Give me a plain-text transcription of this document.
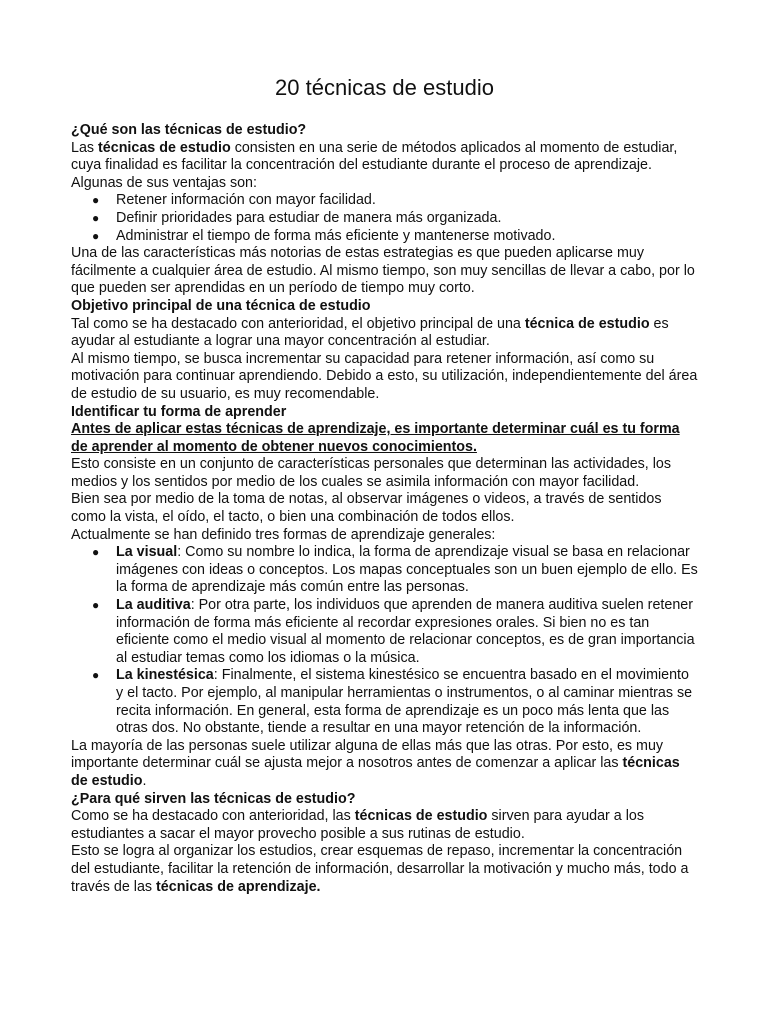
20 técnicas de estudio

¿Qué son las técnicas de estudio?

Las técnicas de estudio consisten en una serie de métodos aplicados al momento de estudiar, cuya finalidad es facilitar la concentración del estudiante durante el proceso de aprendizaje.

Algunas de sus ventajas son:

● Retener información con mayor facilidad.
● Definir prioridades para estudiar de manera más organizada.
● Administrar el tiempo de forma más eficiente y mantenerse motivado.

Una de las características más notorias de estas estrategias es que pueden aplicarse muy fácilmente a cualquier área de estudio. Al mismo tiempo, son muy sencillas de llevar a cabo, por lo que pueden ser aprendidas en un período de tiempo muy corto.

Objetivo principal de una técnica de estudio

Tal como se ha destacado con anterioridad, el objetivo principal de una técnica de estudio es ayudar al estudiante a lograr una mayor concentración al estudiar.

Al mismo tiempo, se busca incrementar su capacidad para retener información, así como su motivación para continuar aprendiendo. Debido a esto, su utilización, independientemente del área de estudio de su usuario, es muy recomendable.

Identificar tu forma de aprender

Antes de aplicar estas técnicas de aprendizaje, es importante determinar cuál es tu forma de aprender al momento de obtener nuevos conocimientos.

Esto consiste en un conjunto de características personales que determinan las actividades, los medios y los sentidos por medio de los cuales se asimila información con mayor facilidad.

Bien sea por medio de la toma de notas, al observar imágenes o videos, a través de sentidos como la vista, el oído, el tacto, o bien una combinación de todos ellos.

Actualmente se han definido tres formas de aprendizaje generales:

● La visual: Como su nombre lo indica, la forma de aprendizaje visual se basa en relacionar imágenes con ideas o conceptos. Los mapas conceptuales son un buen ejemplo de ello. Es la forma de aprendizaje más común entre las personas.
● La auditiva: Por otra parte, los individuos que aprenden de manera auditiva suelen retener información de forma más eficiente al recordar expresiones orales. Si bien no es tan eficiente como el medio visual al momento de relacionar conceptos, es de gran importancia al estudiar temas como los idiomas o la música.
● La kinestésica: Finalmente, el sistema kinestésico se encuentra basado en el movimiento y el tacto. Por ejemplo, al manipular herramientas o instrumentos, o al caminar mientras se recita información. En general, esta forma de aprendizaje es un poco más lenta que las otras dos. No obstante, tiende a resultar en una mayor retención de la información.

La mayoría de las personas suele utilizar alguna de ellas más que las otras. Por esto, es muy importante determinar cuál se ajusta mejor a nosotros antes de comenzar a aplicar las técnicas de estudio.

¿Para qué sirven las técnicas de estudio?

Como se ha destacado con anterioridad, las técnicas de estudio sirven para ayudar a los estudiantes a sacar el mayor provecho posible a sus rutinas de estudio.

Esto se logra al organizar los estudios, crear esquemas de repaso, incrementar la concentración del estudiante, facilitar la retención de información, desarrollar la motivación y mucho más, todo a través de las técnicas de aprendizaje.
